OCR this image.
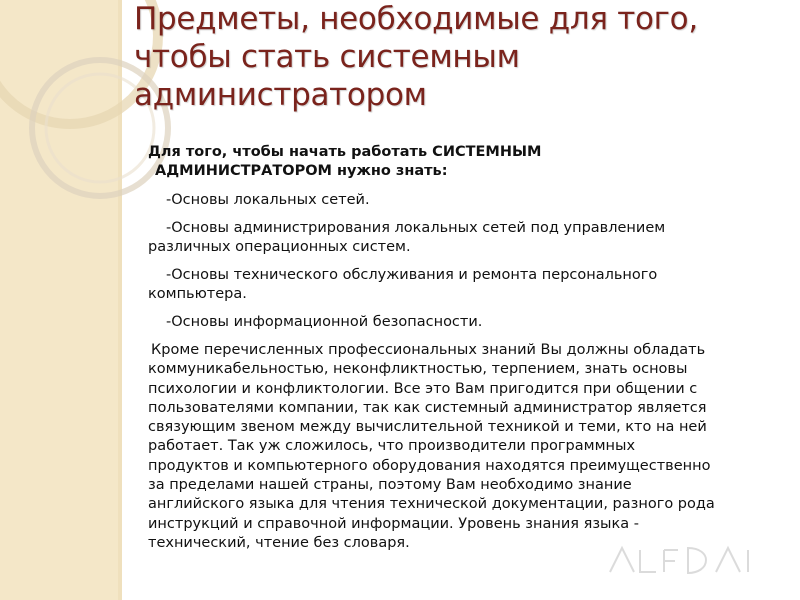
Предметы, необходимые для того,
чтобы стать системным
администратором

Для того, чтобы начать работать СИСТЕМНЫМ
АДМИНИСТРАТОРОМ нужно знать:

-Основы локальных сетей.
-Основы администрирования локальных сетей под управлением
различных операционных систем.
-Основы технического обслуживания и ремонта персонального
компьютера.
-Основы информационной безопасности.

Кроме перечисленных профессиональных знаний Вы должны обладать
коммуникабельностью, неконфликтностью, терпением, знать основы
психологии и конфликтологии. Все это Вам пригодится при общении с
пользователями компании, так как системный администратор является
связующим звеном между вычислительной техникой и теми, кто на ней
работает. Так уж сложилось, что производители программных
продуктов и компьютерного оборудования находятся преимущественно
за пределами нашей страны, поэтому Вам необходимо знание
английского языка для чтения технической документации, разного рода
инструкций и справочной информации. Уровень знания языка -
технический, чтение без словаря.
